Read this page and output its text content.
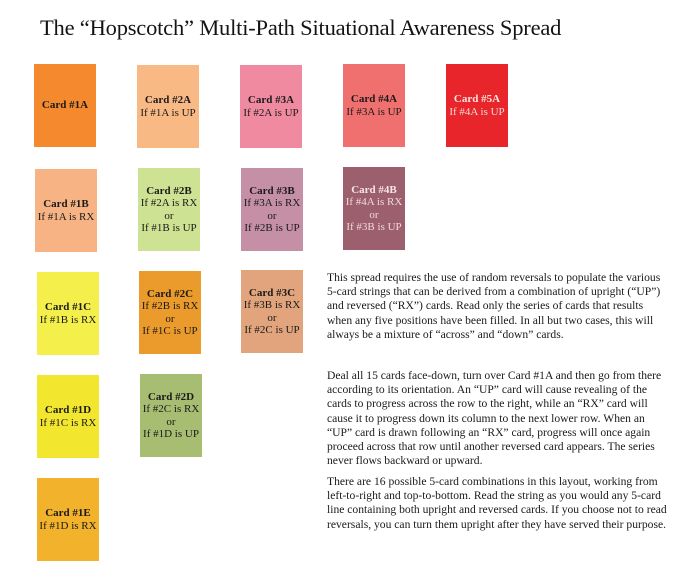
The “Hopscotch” Multi-Path Situational Awareness Spread
Card #1A	Card #2A
If #1A is UP
Card #3A
If #2A is UP
Card #4A
If #3A is UP
Card #5A
If #4A is UP
Card #1B
If #1A is RX
Card #2B
If #2A is RX
or
If #1B is UP
Card #3B
If #3A is RX
or
If #2B is UP
Card #4B
If #4A is RX
or
If #3B is UP
Card #1C
If #1B is RX
Card #2C
If #2B is RX
or
If #1C is UP
Card #3C
If #3B is RX
or
If #2C is UP
Card #1D
If #1C is RX
Card #2D
If #2C is RX
or
If #1D is UP
Card #1E
If #1D is RX

This spread requires the use of random reversals to populate the various 5-card strings that can be derived from a combination of upright (“UP”) and reversed (“RX”) cards. Read only the series of cards that results when any five positions have been filled. In all but two cases, this will always be a mixture of “across” and “down” cards.

Deal all 15 cards face-down, turn over Card #1A and then go from there according to its orientation. An “UP” card will cause revealing of the cards to progress across the row to the right, while an “RX” card will cause it to progress down its column to the next lower row. When an “UP” card is drawn following an “RX” card, progress will once again proceed across that row until another reversed card appears. The series never flows backward or upward.

There are 16 possible 5-card combinations in this layout, working from left-to-right and top-to-bottom. Read the string as you would any 5-card line containing both upright and reversed cards. If you choose not to read reversals, you can turn them upright after they have served their purpose.
